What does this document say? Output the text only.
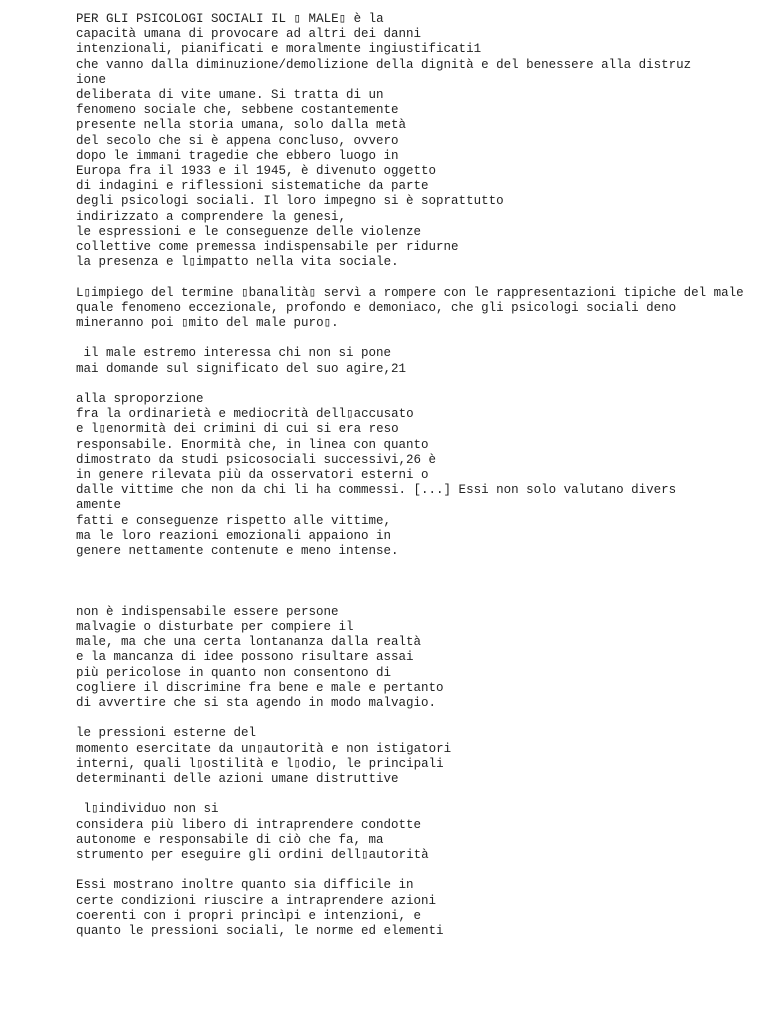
PER GLI PSICOLOGI SOCIALI IL ▯ MALE▯ è la
capacità umana di provocare ad altri dei danni
intenzionali, pianificati e moralmente ingiustificati1
che vanno dalla diminuzione/demolizione della dignità e del benessere alla distruz
ione
deliberata di vite umane. Si tratta di un
fenomeno sociale che, sebbene costantemente
presente nella storia umana, solo dalla metà
del secolo che si è appena concluso, ovvero
dopo le immani tragedie che ebbero luogo in
Europa fra il 1933 e il 1945, è divenuto oggetto
di indagini e riflessioni sistematiche da parte
degli psicologi sociali. Il loro impegno si è soprattutto
indirizzato a comprendere la genesi,
le espressioni e le conseguenze delle violenze
collettive come premessa indispensabile per ridurne
la presenza e l▯impatto nella vita sociale.
L▯impiego del termine ▯banalità▯ servì a rompere con le rappresentazioni tipiche del male
quale fenomeno eccezionale, profondo e demoniaco, che gli psicologi sociali deno
mineranno poi ▯mito del male puro▯.
il male estremo interessa chi non si pone
mai domande sul significato del suo agire,21
alla sproporzione
fra la ordinarietà e mediocrità dell▯accusato
e l▯enormità dei crimini di cui si era reso
responsabile. Enormità che, in linea con quanto
dimostrato da studi psicosociali successivi,26 è
in genere rilevata più da osservatori esterni o
dalle vittime che non da chi li ha commessi. [...] Essi non solo valutano divers
amente
fatti e conseguenze rispetto alle vittime,
ma le loro reazioni emozionali appaiono in
genere nettamente contenute e meno intense.
non è indispensabile essere persone
malvagie o disturbate per compiere il
male, ma che una certa lontananza dalla realtà
e la mancanza di idee possono risultare assai
più pericolose in quanto non consentono di
cogliere il discrimine fra bene e male e pertanto
di avvertire che si sta agendo in modo malvagio.
le pressioni esterne del
momento esercitate da un▯autorità e non istigatori
interni, quali l▯ostilità e l▯odio, le principali
determinanti delle azioni umane distruttive
l▯individuo non si
considera più libero di intraprendere condotte
autonome e responsabile di ciò che fa, ma
strumento per eseguire gli ordini dell▯autorità
Essi mostrano inoltre quanto sia difficile in
certe condizioni riuscire a intraprendere azioni
coerenti con i propri princìpi e intenzioni, e
quanto le pressioni sociali, le norme ed elementi
